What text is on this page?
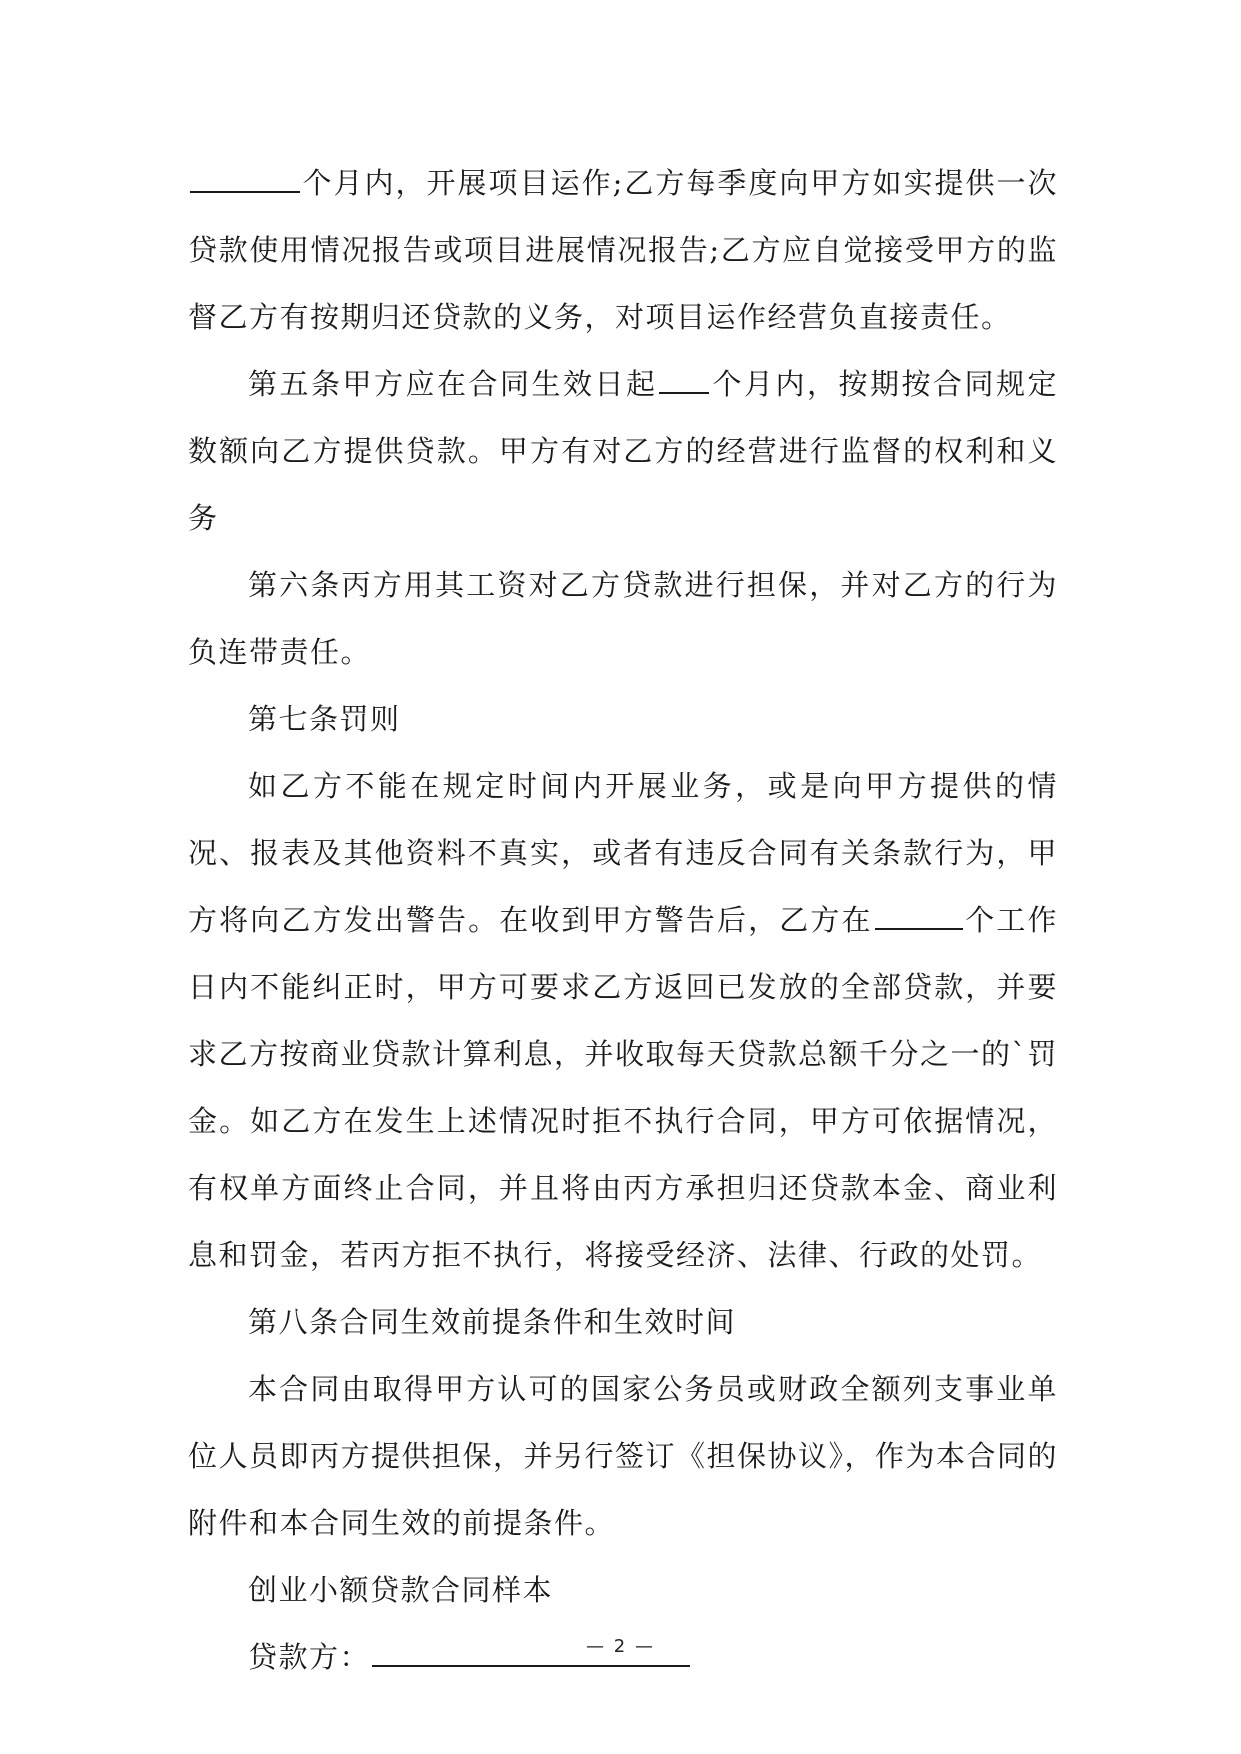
个月内，开展项目运作;乙方每季度向甲方如实提供一次贷款使用情况报告或项目进展情况报告;乙方应自觉接受甲方的监督乙方有按期归还贷款的义务，对项目运作经营负直接责任。

第五条甲方应在合同生效日起 个月内，按期按合同规定数额向乙方提供贷款。甲方有对乙方的经营进行监督的权利和义务

第六条丙方用其工资对乙方贷款进行担保，并对乙方的行为负连带责任。

第七条罚则

如乙方不能在规定时间内开展业务，或是向甲方提供的情况、报表及其他资料不真实，或者有违反合同有关条款行为，甲方将向乙方发出警告。在收到甲方警告后，乙方在	个工作日内不能纠正时，甲方可要求乙方返回已发放的全部贷款，并要求乙方按商业贷款计算利息，并收取每天贷款总额千分之一的`罚金。如乙方在发生上述情况时拒不执行合同，甲方可依据情况，有权单方面终止合同，并且将由丙方承担归还贷款本金、商业利息和罚金，若丙方拒不执行，将接受经济、法律、行政的处罚。

第八条合同生效前提条件和生效时间

本合同由取得甲方认可的国家公务员或财政全额列支事业单位人员即丙方提供担保，并另行签订《担保协议》，作为本合同的附件和本合同生效的前提条件。

创业小额贷款合同样本

贷款方：	— 2 —
